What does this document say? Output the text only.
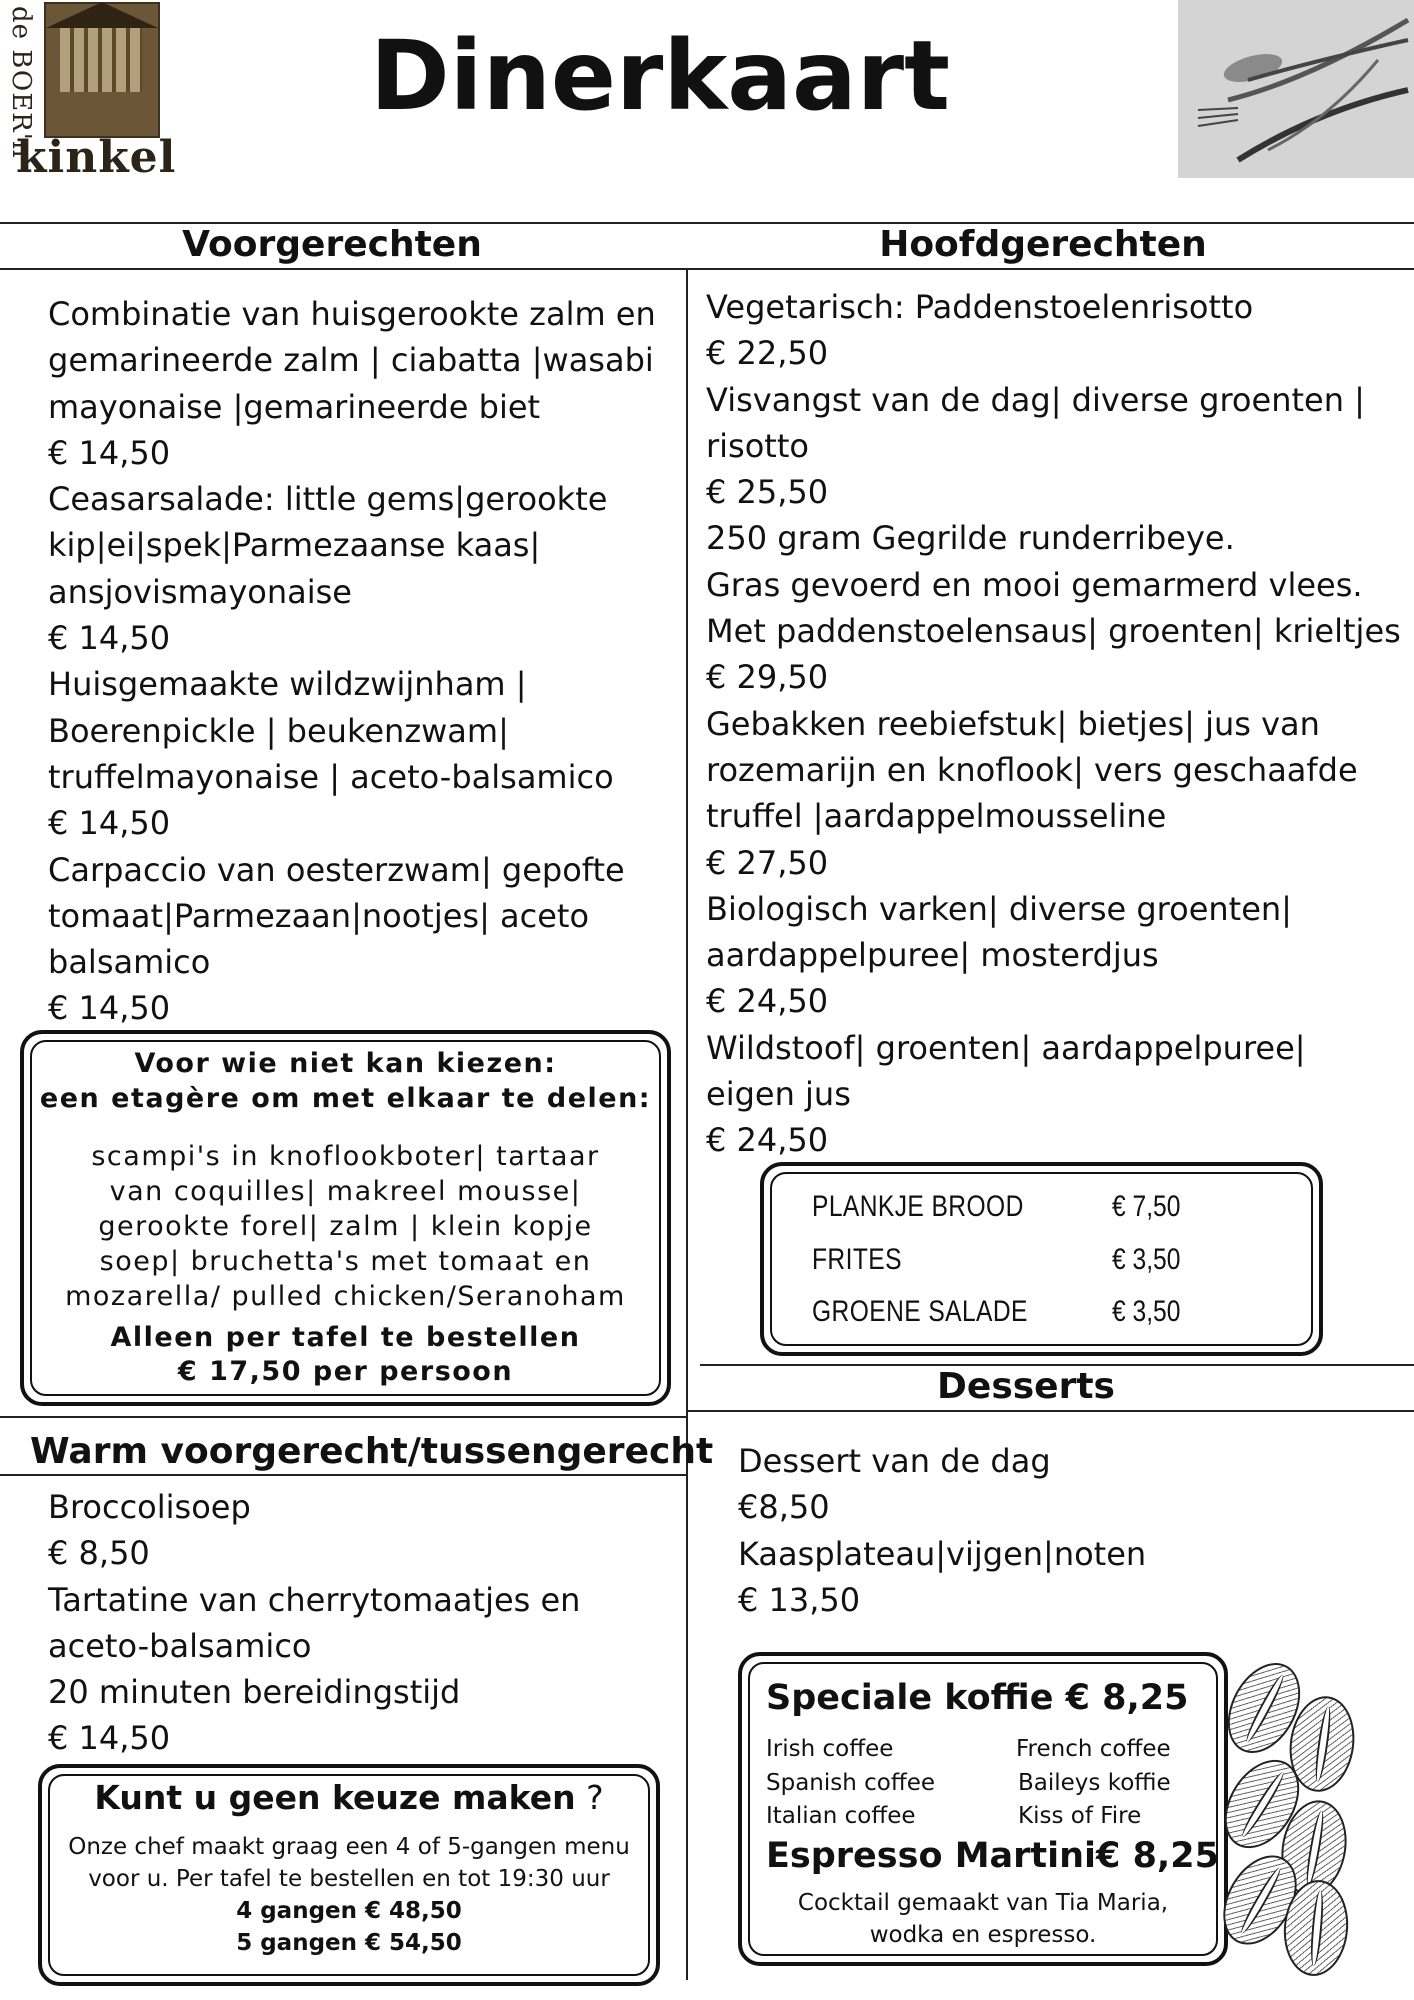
de BOER'n
kinkel
Dinerkaart
Voorgerechten
Combinatie van huisgerookte zalm en
gemarineerde zalm | ciabatta |wasabi
mayonaise |gemarineerde biet
€ 14,50
Ceasarsalade: little gems|gerookte
kip|ei|spek|Parmezaanse kaas|
ansjovismayonaise
€ 14,50
Huisgemaakte wildzwijnham |
Boerenpickle | beukenzwam|
truffelmayonaise | aceto-balsamico
€ 14,50
Carpaccio van oesterzwam| gepofte
tomaat|Parmezaan|nootjes| aceto
balsamico
€ 14,50
Voor wie niet kan kiezen:
een etagère om met elkaar te delen:
scampi's in knoflookboter| tartaar
van coquilles| makreel mousse|
gerookte forel| zalm | klein kopje
soep| bruchetta's met tomaat en
mozarella/ pulled chicken/Seranoham
Alleen per tafel te bestellen
€ 17,50 per persoon
Hoofdgerechten
Vegetarisch: Paddenstoelenrisotto
€ 22,50
Visvangst van de dag| diverse groenten |
risotto
€ 25,50
250 gram Gegrilde runderribeye.
Gras gevoerd en mooi gemarmerd vlees.
Met paddenstoelensaus| groenten| krieltjes
€ 29,50
Gebakken reebiefstuk| bietjes| jus van
rozemarijn en knoflook| vers geschaafde
truffel |aardappelmousseline
€ 27,50
Biologisch varken| diverse groenten|
aardappelpuree| mosterdjus
€ 24,50
Wildstoof| groenten| aardappelpuree|
eigen jus
€ 24,50
PLANKJE BROOD	€ 7,50
FRITES	€ 3,50
GROENE SALADE	€ 3,50
Warm voorgerecht/tussengerecht
Broccolisoep
€ 8,50
Tartatine van cherrytomaatjes en
aceto-balsamico
20 minuten bereidingstijd
€ 14,50
Kunt u geen keuze maken ?
Onze chef maakt graag een 4 of 5-gangen menu
voor u. Per tafel te bestellen en tot 19:30 uur
4 gangen € 48,50
5 gangen € 54,50
Desserts
Dessert van de dag
€8,50
Kaasplateau|vijgen|noten
€ 13,50
Speciale koffie € 8,25
Irish coffee
Spanish coffee
Italian coffee
French coffee
Baileys koffie
Kiss of Fire
Espresso Martini€ 8,25
Cocktail gemaakt van Tia Maria,
wodka en espresso.
